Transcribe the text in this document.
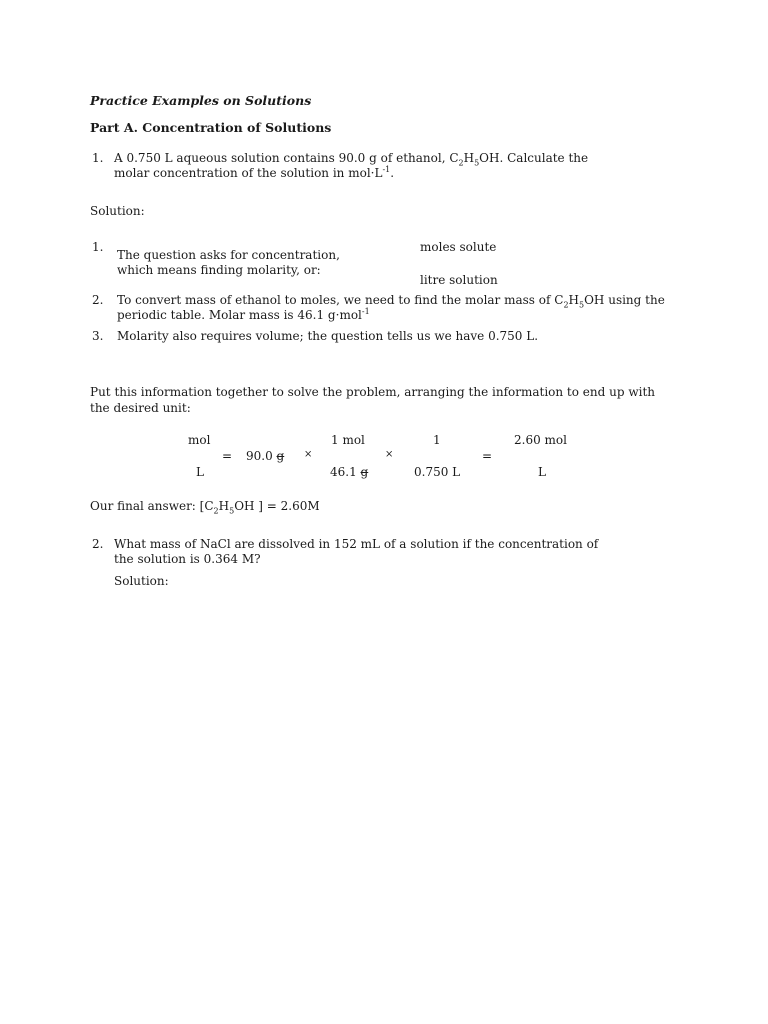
Practice Examples on Solutions
Part A. Concentration of Solutions
1. A 0.750 L aqueous solution contains 90.0 g of ethanol, $C_2H_5OH$. Calculate the
molar concentration of the solution in $mol\cdot L^{-1}$.
Solution:
1.
The question asks for concentration,
which means finding molarity, or:
moles solute
litre solution
2. To convert mass of ethanol to moles, we need to find the molar mass of $C_2H_5OH$ using the
periodic table. Molar mass is 46.1 g·mol$^{-1}$
3. Molarity also requires volume; the question tells us we have 0.750 L.
Put this information together to solve the problem, arranging the information to end up with
the desired unit:
mol
L
= 90.0 g ×
1 mol
46.1 g
×
1
0.750 L
=
2.60 mol
L
Our final answer: [$C_2H_5OH$ ] = 2.60M
2. What mass of NaCl are dissolved in 152 mL of a solution if the concentration of
the solution is 0.364 M?
Solution:
